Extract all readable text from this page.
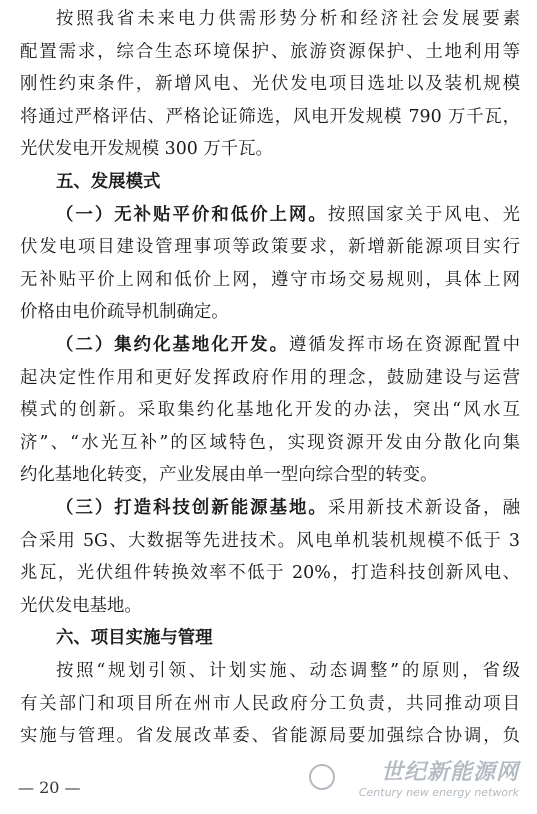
按照我省未来电力供需形势分析和经济社会发展要素
配置需求，综合生态环境保护、旅游资源保护、土地利用等
刚性约束条件，新增风电、光伏发电项目选址以及装机规模
将通过严格评估、严格论证筛选，风电开发规模 790 万千瓦，
光伏发电开发规模 300 万千瓦。
五、发展模式
（一）无补贴平价和低价上网。按照国家关于风电、光
伏发电项目建设管理事项等政策要求，新增新能源项目实行
无补贴平价上网和低价上网，遵守市场交易规则，具体上网
价格由电价疏导机制确定。
（二）集约化基地化开发。遵循发挥市场在资源配置中
起决定性作用和更好发挥政府作用的理念，鼓励建设与运营
模式的创新。采取集约化基地化开发的办法，突出“风水互
济”、“水光互补”的区域特色，实现资源开发由分散化向集
约化基地化转变，产业发展由单一型向综合型的转变。
（三）打造科技创新能源基地。采用新技术新设备，融
合采用 5G、大数据等先进技术。风电单机装机规模不低于 3
兆瓦，光伏组件转换效率不低于 20%，打造科技创新风电、
光伏发电基地。
六、项目实施与管理
按照“规划引领、计划实施、动态调整”的原则，省级
有关部门和项目所在州市人民政府分工负责，共同推动项目
实施与管理。省发展改革委、省能源局要加强综合协调，负
— 20 —
世纪新能源网
Century new energy network
